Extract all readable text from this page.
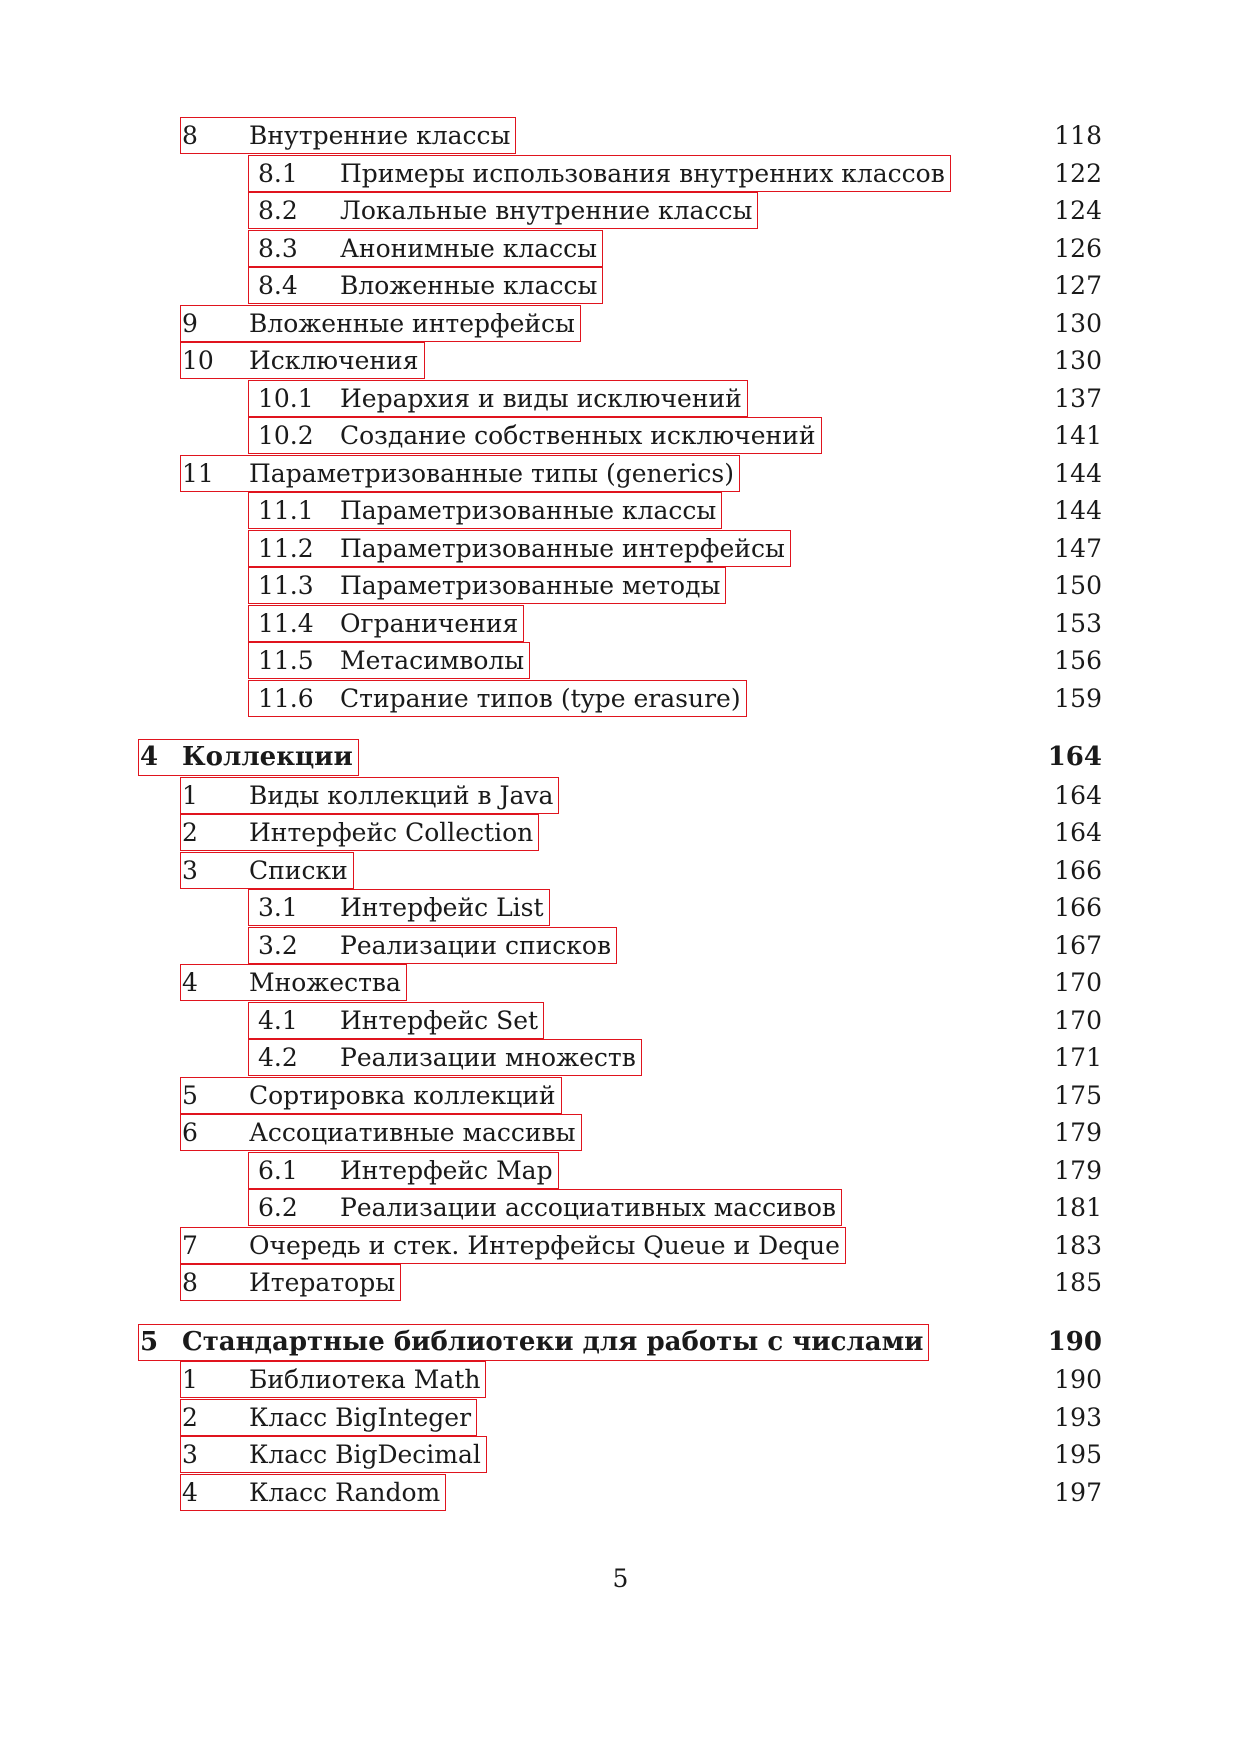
8 Внутренние классы	118
8.1 Примеры использования внутренних классов	122
8.2 Локальные внутренние классы	124
8.3 Анонимные классы	126
8.4 Вложенные классы	127
9 Вложенные интерфейсы	130
10 Исключения	130
10.1 Иерархия и виды исключений	137
10.2 Создание собственных исключений	141
11 Параметризованные типы (generics)	144
11.1 Параметризованные классы	144
11.2 Параметризованные интерфейсы	147
11.3 Параметризованные методы	150
11.4 Ограничения	153
11.5 Метасимволы	156
11.6 Стирание типов (type erasure)	159
4 Коллекции	164
1 Виды коллекций в Java	164
2 Интерфейс Collection	164
3 Списки	166
3.1 Интерфейс List	166
3.2 Реализации списков	167
4 Множества	170
4.1 Интерфейс Set	170
4.2 Реализации множеств	171
5 Сортировка коллекций	175
6 Ассоциативные массивы	179
6.1 Интерфейс Map	179
6.2 Реализации ассоциативных массивов	181
7 Очередь и стек. Интерфейсы Queue и Deque	183
8 Итераторы	185
5 Стандартные библиотеки для работы с числами	190
1 Библиотека Math	190
2 Класс BigInteger	193
3 Класс BigDecimal	195
4 Класс Random	197
5
